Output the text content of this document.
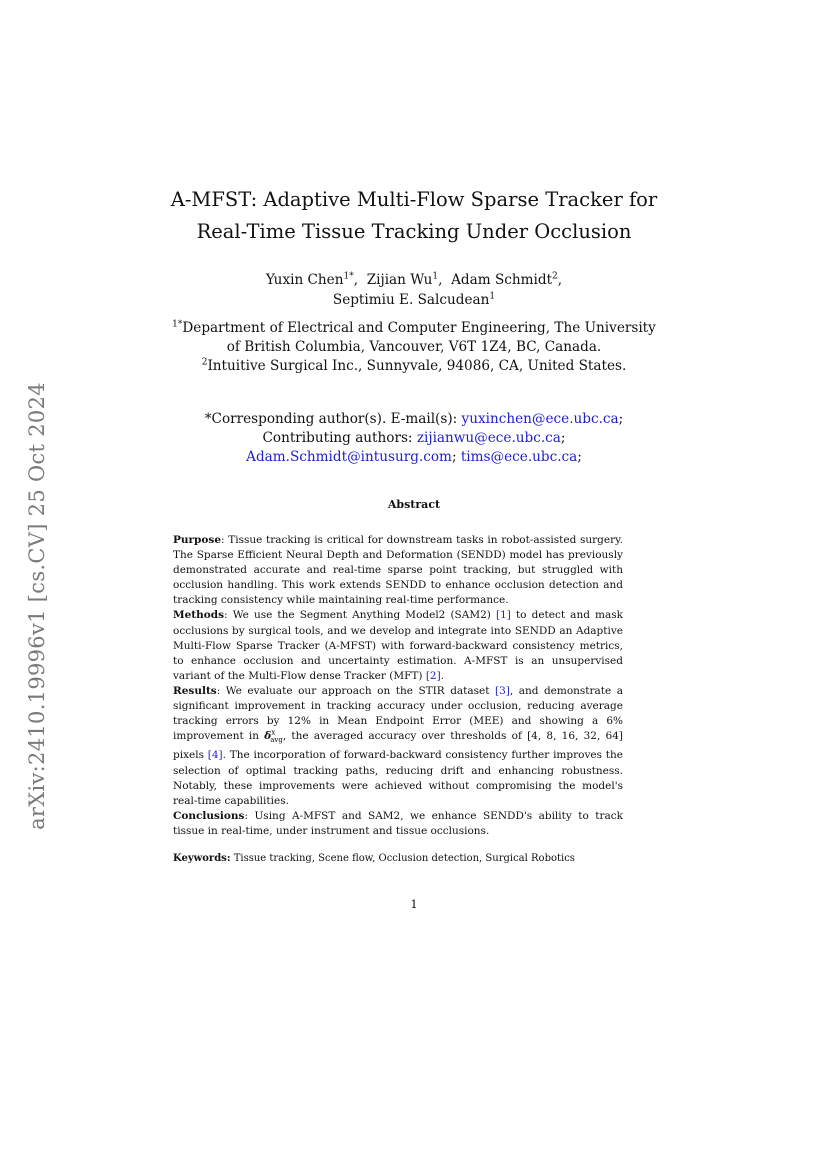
arXiv:2410.19996v1 [cs.CV] 25 Oct 2024
A-MFST: Adaptive Multi-Flow Sparse Tracker for
Real-Time Tissue Tracking Under Occlusion
Yuxin Chen$^{1*}$,  Zijian Wu$^1$,  Adam Schmidt$^2$,
Septimiu E. Salcudean$^1$
$^{1*}$Department of Electrical and Computer Engineering, The University
of British Columbia, Vancouver, V6T 1Z4, BC, Canada.
$^2$Intuitive Surgical Inc., Sunnyvale, 94086, CA, United States.
*Corresponding author(s). E-mail(s): yuxinchen@ece.ubc.ca;
Contributing authors: zijianwu@ece.ubc.ca;
Adam.Schmidt@intusurg.com; tims@ece.ubc.ca;
Abstract

Purpose: Tissue tracking is critical for downstream tasks in robot-assisted surgery. The Sparse Efficient Neural Depth and Deformation (SENDD) model has previously demonstrated accurate and real-time sparse point tracking, but struggled with occlusion handling. This work extends SENDD to enhance occlusion detection and tracking consistency while maintaining real-time performance.

Methods: We use the Segment Anything Model2 (SAM2) [1] to detect and mask occlusions by surgical tools, and we develop and integrate into SENDD an Adaptive Multi-Flow Sparse Tracker (A-MFST) with forward-backward consistency metrics, to enhance occlusion and uncertainty estimation. A-MFST is an unsupervised variant of the Multi-Flow dense Tracker (MFT) [2].

Results: We evaluate our approach on the STIR dataset [3], and demonstrate a significant improvement in tracking accuracy under occlusion, reducing average tracking errors by 12% in Mean Endpoint Error (MEE) and showing a 6% improvement in $\delta^x_{avg}$, the averaged accuracy over thresholds of [4, 8, 16, 32, 64] pixels [4]. The incorporation of forward-backward consistency further improves the selection of optimal tracking paths, reducing drift and enhancing robustness. Notably, these improvements were achieved without compromising the model's real-time capabilities.

Conclusions: Using A-MFST and SAM2, we enhance SENDD's ability to track tissue in real-time, under instrument and tissue occlusions.

Keywords: Tissue tracking, Scene flow, Occlusion detection, Surgical Robotics
1
